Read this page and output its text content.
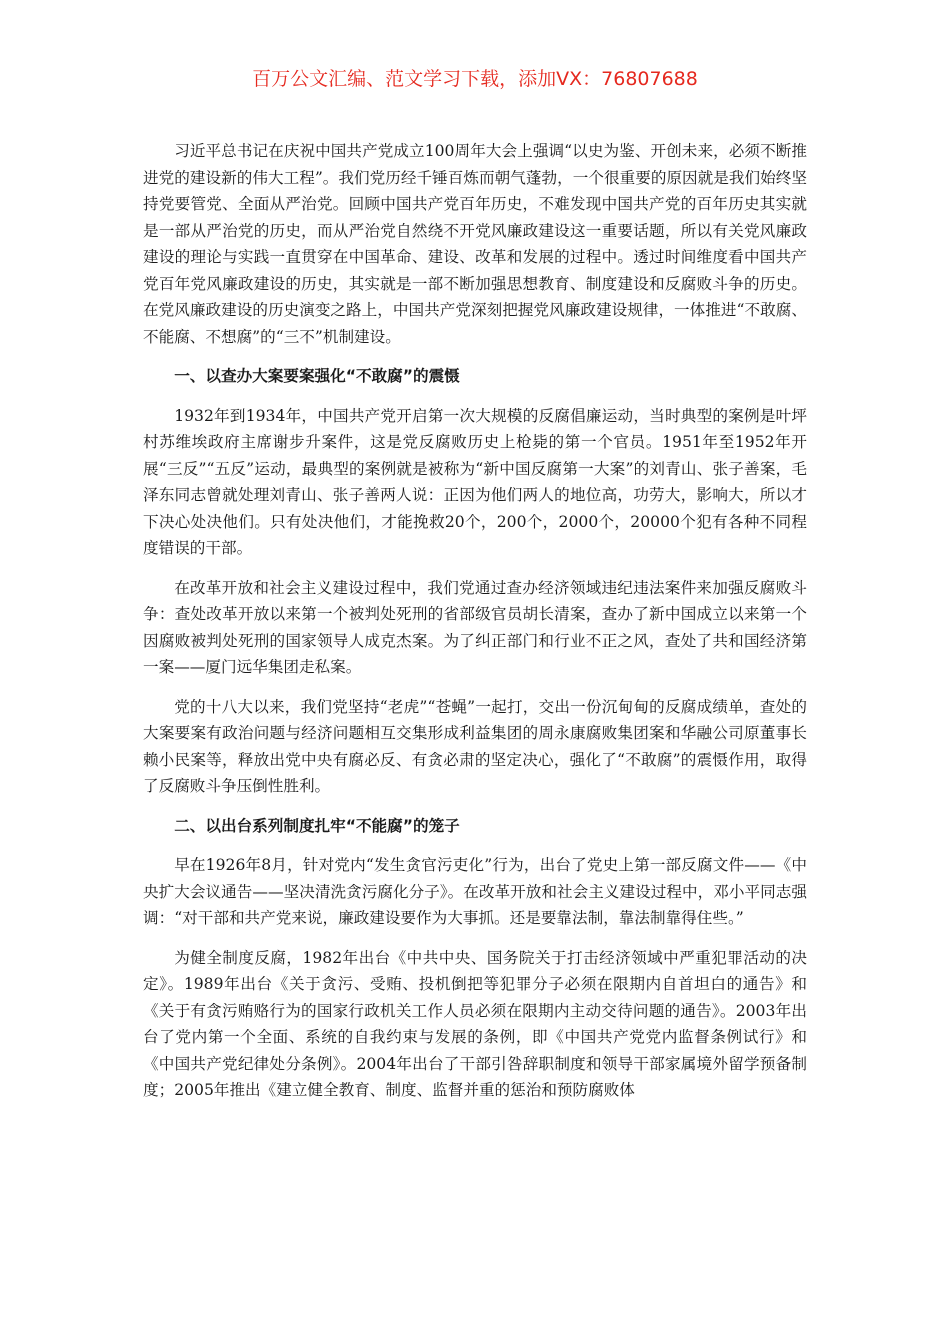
百万公文汇编、范文学习下载，添加VX：76807688

习近平总书记在庆祝中国共产党成立100周年大会上强调“以史为鉴、开创未来，必须不断推进党的建设新的伟大工程”。我们党历经千锤百炼而朝气蓬勃，一个很重要的原因就是我们始终坚持党要管党、全面从严治党。回顾中国共产党百年历史，不难发现中国共产党的百年历史其实就是一部从严治党的历史，而从严治党自然绕不开党风廉政建设这一重要话题，所以有关党风廉政建设的理论与实践一直贯穿在中国革命、建设、改革和发展的过程中。透过时间维度看中国共产党百年党风廉政建设的历史，其实就是一部不断加强思想教育、制度建设和反腐败斗争的历史。在党风廉政建设的历史演变之路上，中国共产党深刻把握党风廉政建设规律，一体推进“不敢腐、不能腐、不想腐”的“三不”机制建设。

一、以查办大案要案强化“不敢腐”的震慑

1932年到1934年，中国共产党开启第一次大规模的反腐倡廉运动，当时典型的案例是叶坪村苏维埃政府主席谢步升案件，这是党反腐败历史上枪毙的第一个官员。1951年至1952年开展“三反”“五反”运动，最典型的案例就是被称为“新中国反腐第一大案”的刘青山、张子善案，毛泽东同志曾就处理刘青山、张子善两人说：正因为他们两人的地位高，功劳大，影响大，所以才下决心处决他们。只有处决他们，才能挽救20个，200个，2000个，20000个犯有各种不同程度错误的干部。

在改革开放和社会主义建设过程中，我们党通过查办经济领域违纪违法案件来加强反腐败斗争：查处改革开放以来第一个被判处死刑的省部级官员胡长清案，查办了新中国成立以来第一个因腐败被判处死刑的国家领导人成克杰案。为了纠正部门和行业不正之风，查处了共和国经济第一案——厦门远华集团走私案。

党的十八大以来，我们党坚持“老虎”“苍蝇”一起打，交出一份沉甸甸的反腐成绩单，查处的大案要案有政治问题与经济问题相互交集形成利益集团的周永康腐败集团案和华融公司原董事长赖小民案等，释放出党中央有腐必反、有贪必肃的坚定决心，强化了“不敢腐”的震慑作用，取得了反腐败斗争压倒性胜利。

二、以出台系列制度扎牢“不能腐”的笼子

早在1926年8月，针对党内“发生贪官污吏化”行为，出台了党史上第一部反腐文件——《中央扩大会议通告——坚决清洗贪污腐化分子》。在改革开放和社会主义建设过程中，邓小平同志强调：“对干部和共产党来说，廉政建设要作为大事抓。还是要靠法制，靠法制靠得住些。”

为健全制度反腐，1982年出台《中共中央、国务院关于打击经济领域中严重犯罪活动的决定》。1989年出台《关于贪污、受贿、投机倒把等犯罪分子必须在限期内自首坦白的通告》和《关于有贪污贿赂行为的国家行政机关工作人员必须在限期内主动交待问题的通告》。2003年出台了党内第一个全面、系统的自我约束与发展的条例，即《中国共产党党内监督条例试行》和《中国共产党纪律处分条例》。2004年出台了干部引咎辞职制度和领导干部家属境外留学预备制度；2005年推出《建立健全教育、制度、监督并重的惩治和预防腐败体
